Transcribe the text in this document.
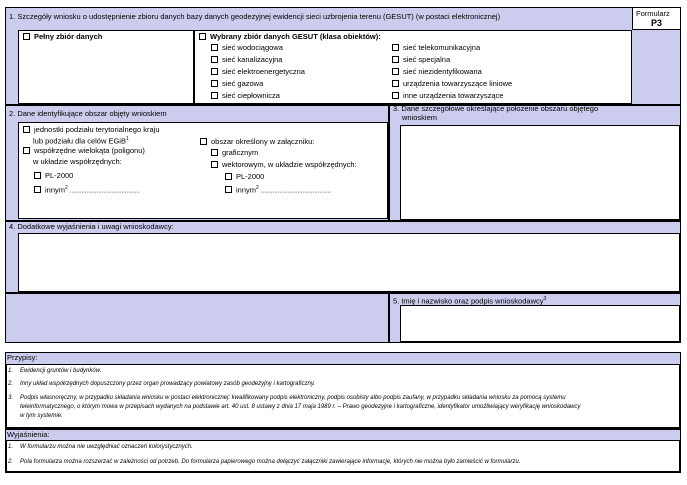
1. Szczegóły wniosku o udostępnienie zbioru danych bazy danych geodezyjnej ewidencji sieci uzbrojenia terenu (GESUT) (w postaci elektronicznej)	Formularz
P3
Pełny zbiór danych	Wybrany zbiór danych GESUT (klasa obiektów):
sieć wodociągowa
sieć kanalizacyjna
sieć elektroenergetyczna
sieć gazowa
sieć ciepłownicza
sieć telekomunikacyjna
sieć specjalna
sieć niezidentyfikowana
urządzenia towarzyszące liniowe
inne urządzenia towarzyszące
2. Dane identyfikujące obszar objęty wnioskiem
jednostki podziału terytorialnego kraju
lub podziału dla celów EGiB$^1$
współrzędne wielokąta (poligonu)
w układzie współrzędnych:
PL-2000
innym$^2$ ..........................................
obszar określony w załączniku:
graficznym
wektorowym, w układzie współrzędnych:
PL-2000
innym$^2$ ..........................................
3. Dane szczegółowe określające położenie obszaru objętego
wnioskiem
4. Dodatkowe wyjaśnienia i uwagi wnioskodawcy:
5. Imię i nazwisko oraz podpis wnioskodawcy$^3$
Przypisy:
1. Ewidencji gruntów i budynków.
2. Inny układ współrzędnych dopuszczony przez organ prowadzący powiatowy zasób geodezyjny i kartograficzny.
3. Podpis własnoręczny, w przypadku składania wniosku w postaci elektronicznej: kwalifikowany podpis elektroniczny, podpis osobisty albo podpis zaufany, w przypadku składania wniosku za pomocą systemu
teleinformatycznego, o którym mowa w przepisach wydanych na podstawie art. 40 ust. 8 ustawy z dnia 17 maja 1989 r. – Prawo geodezyjne i kartograficzne, identyfikator umożliwiający weryfikację wnioskodawcy
w tym systemie.
Wyjaśnienia:
1. W formularzu można nie uwzględniać oznaczeń kolorystycznych.
2. Pola formularza można rozszerzać w zależności od potrzeb. Do formularza papierowego można dołączyć załączniki zawierające informacje, których nie można było zamieścić w formularzu.
